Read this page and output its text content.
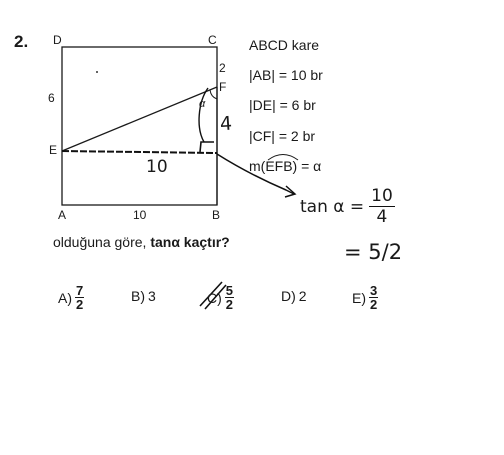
2. D	C
F
E
A	B
6
2
10
α
4
10
ABCD kare
|AB| = 10 br
|DE| = 6 br
|CF| = 2 br
m(EFB) = α
$\tan \alpha = \frac{10}{4}$
= 5/2
olduğuna göre, tanα kaçtır?
$A) \frac{7}{2}$	B) 3	$C) \frac{5}{2}$	D) 2	$E) \frac{3}{2}$
